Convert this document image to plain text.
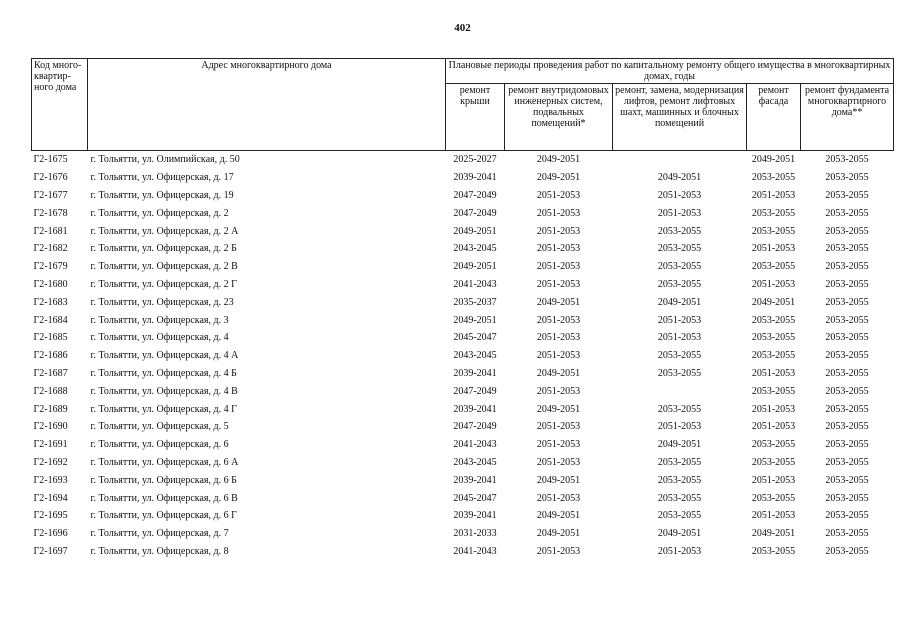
402
Код много-квартир-ного дома	Адрес многоквартирного дома	Плановые периоды проведения работ по капитальному ремонту общего имущества в многоквартирных домах, годы				
		ремонт крыши	ремонт внутридомовых инженерных систем, подвальных помещений*	ремонт, замена, модернизация лифтов, ремонт лифтовых шахт, машинных и блочных помещений	ремонт фасада	ремонт фундамента многоквартирного дома**
Г2-1675	г. Тольятти, ул. Олимпийская, д. 50	2025-2027	2049-2051		2049-2051	2053-2055
Г2-1676	г. Тольятти, ул. Офицерская, д. 17	2039-2041	2049-2051	2049-2051	2053-2055	2053-2055
Г2-1677	г. Тольятти, ул. Офицерская, д. 19	2047-2049	2051-2053	2051-2053	2051-2053	2053-2055
Г2-1678	г. Тольятти, ул. Офицерская, д. 2	2047-2049	2051-2053	2051-2053	2053-2055	2053-2055
Г2-1681	г. Тольятти, ул. Офицерская, д. 2 А	2049-2051	2051-2053	2053-2055	2053-2055	2053-2055
Г2-1682	г. Тольятти, ул. Офицерская, д. 2 Б	2043-2045	2051-2053	2053-2055	2051-2053	2053-2055
Г2-1679	г. Тольятти, ул. Офицерская, д. 2 В	2049-2051	2051-2053	2053-2055	2053-2055	2053-2055
Г2-1680	г. Тольятти, ул. Офицерская, д. 2 Г	2041-2043	2051-2053	2053-2055	2051-2053	2053-2055
Г2-1683	г. Тольятти, ул. Офицерская, д. 23	2035-2037	2049-2051	2049-2051	2049-2051	2053-2055
Г2-1684	г. Тольятти, ул. Офицерская, д. 3	2049-2051	2051-2053	2051-2053	2053-2055	2053-2055
Г2-1685	г. Тольятти, ул. Офицерская, д. 4	2045-2047	2051-2053	2051-2053	2053-2055	2053-2055
Г2-1686	г. Тольятти, ул. Офицерская, д. 4 А	2043-2045	2051-2053	2053-2055	2053-2055	2053-2055
Г2-1687	г. Тольятти, ул. Офицерская, д. 4 Б	2039-2041	2049-2051	2053-2055	2051-2053	2053-2055
Г2-1688	г. Тольятти, ул. Офицерская, д. 4 В	2047-2049	2051-2053		2053-2055	2053-2055
Г2-1689	г. Тольятти, ул. Офицерская, д. 4 Г	2039-2041	2049-2051	2053-2055	2051-2053	2053-2055
Г2-1690	г. Тольятти, ул. Офицерская, д. 5	2047-2049	2051-2053	2051-2053	2051-2053	2053-2055
Г2-1691	г. Тольятти, ул. Офицерская, д. 6	2041-2043	2051-2053	2049-2051	2053-2055	2053-2055
Г2-1692	г. Тольятти, ул. Офицерская, д. 6 А	2043-2045	2051-2053	2053-2055	2053-2055	2053-2055
Г2-1693	г. Тольятти, ул. Офицерская, д. 6 Б	2039-2041	2049-2051	2053-2055	2051-2053	2053-2055
Г2-1694	г. Тольятти, ул. Офицерская, д. 6 В	2045-2047	2051-2053	2053-2055	2053-2055	2053-2055
Г2-1695	г. Тольятти, ул. Офицерская, д. 6 Г	2039-2041	2049-2051	2053-2055	2051-2053	2053-2055
Г2-1696	г. Тольятти, ул. Офицерская, д. 7	2031-2033	2049-2051	2049-2051	2049-2051	2053-2055
Г2-1697	г. Тольятти, ул. Офицерская, д. 8	2041-2043	2051-2053	2051-2053	2053-2055	2053-2055
